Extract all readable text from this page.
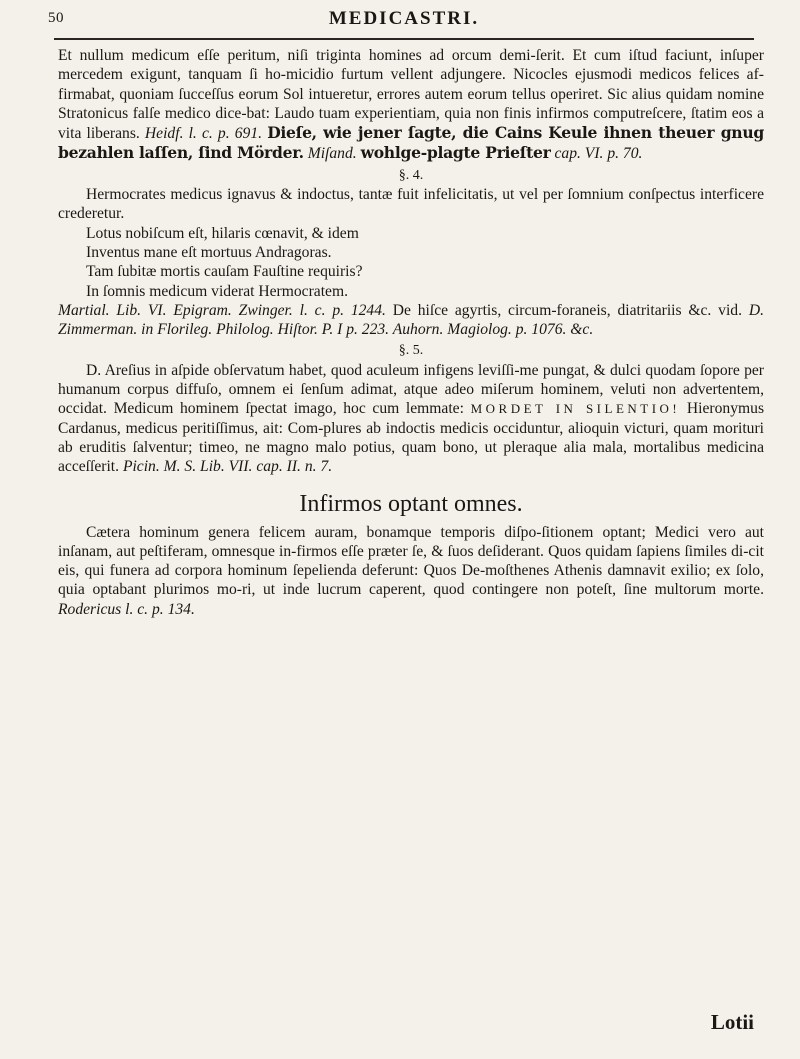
50	MEDICASTRI.

Et nullum medicum eſſe peritum, niſi triginta homines ad orcum demi-ſerit. Et cum iſtud faciunt, inſuper mercedem exigunt, tanquam ſi ho-micidio furtum vellent adjungere. Nicocles ejusmodi medicos felices af-firmabat, quoniam ſucceſſus eorum Sol intueretur, errores autem eorum tellus operiret. Sic alius quidam nomine Stratonicus falſe medico dice-bat: Laudo tuam experientiam, quia non finis infirmos computreſcere, ſtatim eos a vita liberans. Heidf. l. c. p. 691. Dieſe, wie jener ſagte, die Cains Keule ihnen theuer gnug bezahlen laſſen, ſind Mörder. Miſand. wohlge-plagte Prieſter cap. VI. p. 70.

§. 4.

Hermocrates medicus ignavus & indoctus, tantæ fuit infelicitatis, ut vel per ſomnium conſpectus interficere crederetur.

Lotus nobiſcum eſt, hilaris cœnavit, & idem

Inventus mane eſt mortuus Andragoras.

Tam ſubitæ mortis cauſam Fauſtine requiris?

In ſomnis medicum viderat Hermocratem.

Martial. Lib. VI. Epigram. Zwinger. l. c. p. 1244. De hiſce agyrtis, circum-foraneis, diatritariis &c. vid. D. Zimmerman. in Florileg. Philolog. Hiſtor. P. I p. 223. Auhorn. Magiolog. p. 1076. &c.

§. 5.

D. Areſius in aſpide obſervatum habet, quod aculeum infigens leviſſi-me pungat, & dulci quodam ſopore per humanum corpus diffuſo, omnem ei ſenſum adimat, atque adeo miſerum hominem, veluti non advertentem, occidat. Medicum hominem ſpectat imago, hoc cum lemmate: MORDET IN SILENTIO! Hieronymus Cardanus, medicus peritiſſimus, ait: Com-plures ab indoctis medicis occiduntur, alioquin victuri, quam morituri ab eruditis ſalventur; timeo, ne magno malo potius, quam bono, ut pleraque alia mala, mortalibus medicina acceſſerit. Picin. M. S. Lib. VII. cap. II. n. 7.

Infirmos optant omnes.

Cætera hominum genera felicem auram, bonamque temporis diſpo-ſitionem optant; Medici vero aut inſanam, aut peſtiferam, omnesque in-firmos eſſe præter ſe, & ſuos deſiderant. Quos quidam ſapiens ſimiles di-cit eis, qui funera ad corpora hominum ſepelienda deferunt: Quos De-moſthenes Athenis damnavit exilio; ex ſolo, quia optabant plurimos mo-ri, ut inde lucrum caperent, quod contingere non poteſt, ſine multorum morte. Rodericus l. c. p. 134.

Lotii
